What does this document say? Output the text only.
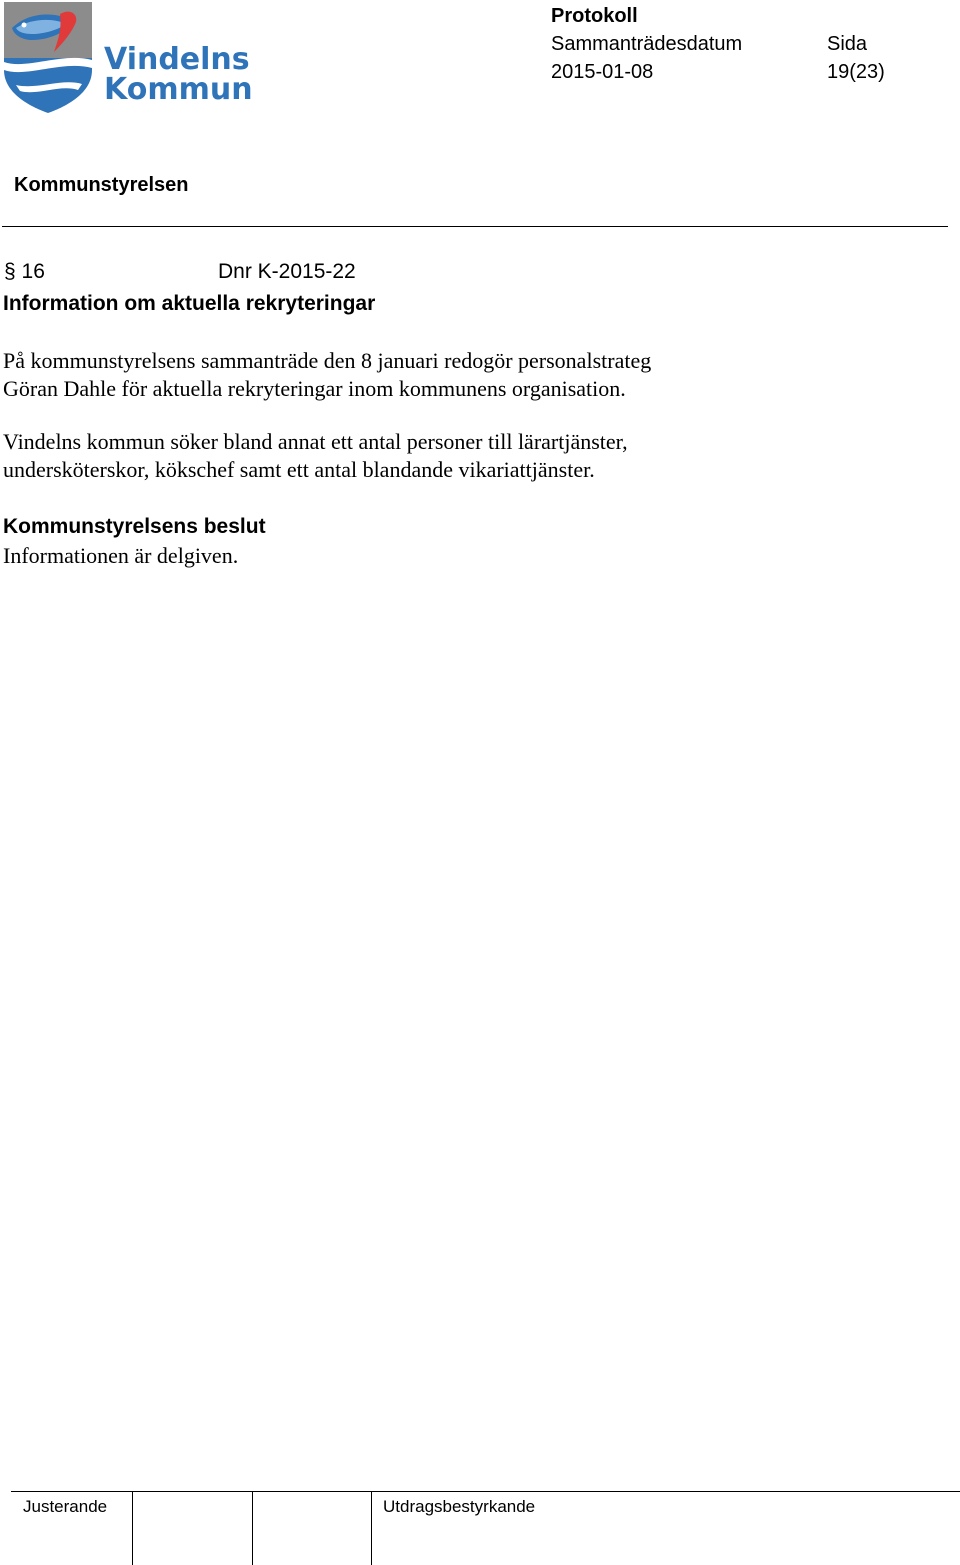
Vindelns
Kommun
Protokoll
Sammanträdesdatum
2015-01-08
Sida
19(23)
Kommunstyrelsen
§ 16	Dnr K-2015-22
Information om aktuella rekryteringar
På kommunstyrelsens sammanträde den 8 januari redogör personalstrateg
Göran Dahle för aktuella rekryteringar inom kommunens organisation.
Vindelns kommun söker bland annat ett antal personer till lärartjänster,
undersköterskor, kökschef samt ett antal blandande vikariattjänster.
Kommunstyrelsens beslut
Informationen är delgiven.
Justerande	Utdragsbestyrkande
